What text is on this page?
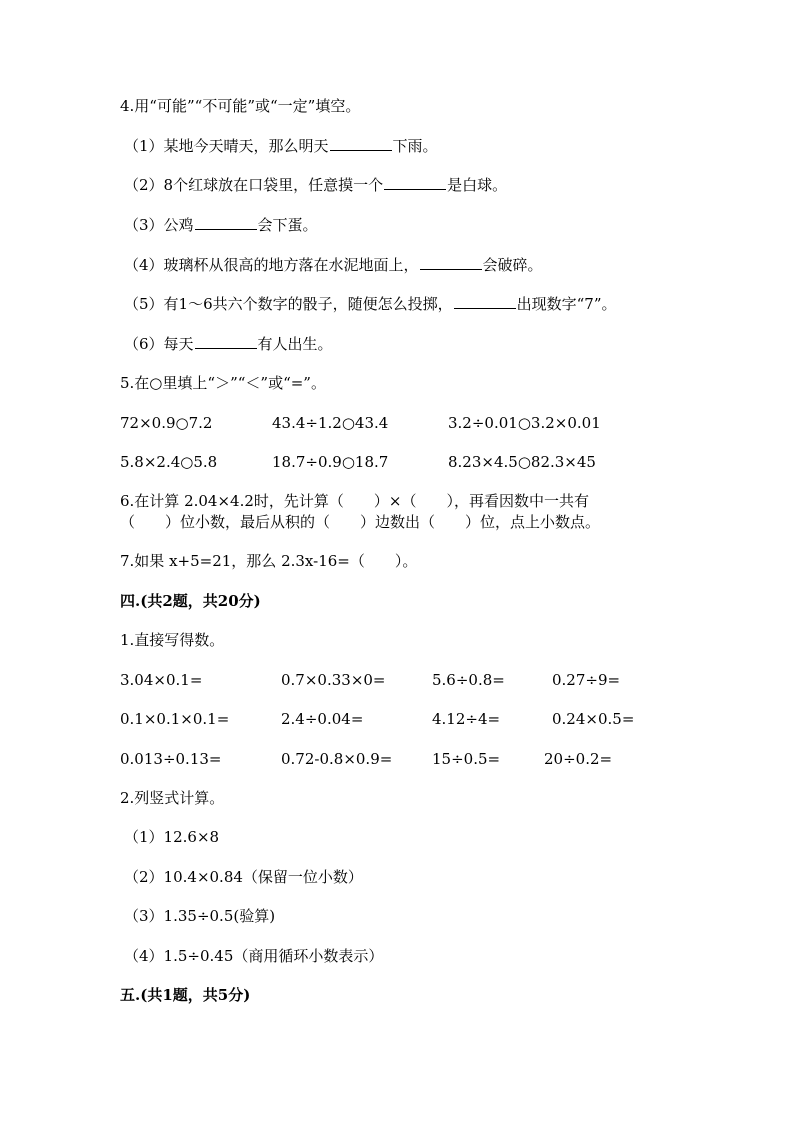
4.用“可能”“不可能”或“一定”填空。
（1）某地今天晴天，那么明天	下雨。
（2）8个红球放在口袋里，任意摸一个	是白球。
（3）公鸡	会下蛋。
（4）玻璃杯从很高的地方落在水泥地面上，	会破碎。
（5）有1～6共六个数字的骰子，随便怎么投掷，	出现数字“7”。
（6）每天	有人出生。
5.在○里填上“＞”“＜”或“=”。
72×0.9○7.2	43.4÷1.2○43.4	3.2÷0.01○3.2×0.01
5.8×2.4○5.8	18.7÷0.9○18.7	8.23×4.5○82.3×45
6.在计算 2.04×4.2时，先计算（　　）×（　　），再看因数中一共有
（　　）位小数，最后从积的（　　）边数出（　　）位，点上小数点。
7.如果 x+5=21，那么 2.3x-16=（　　）。
四.(共2题，共20分)
1.直接写得数。
3.04×0.1=	0.7×0.33×0=	5.6÷0.8=	0.27÷9=
0.1×0.1×0.1=	2.4÷0.04=	4.12÷4=	0.24×0.5=
0.013÷0.13=	0.72-0.8×0.9=	15÷0.5=	20÷0.2=
2.列竖式计算。
（1）12.6×8
（2）10.4×0.84（保留一位小数）
（3）1.35÷0.5(验算)
（4）1.5÷0.45（商用循环小数表示）
五.(共1题，共5分)
